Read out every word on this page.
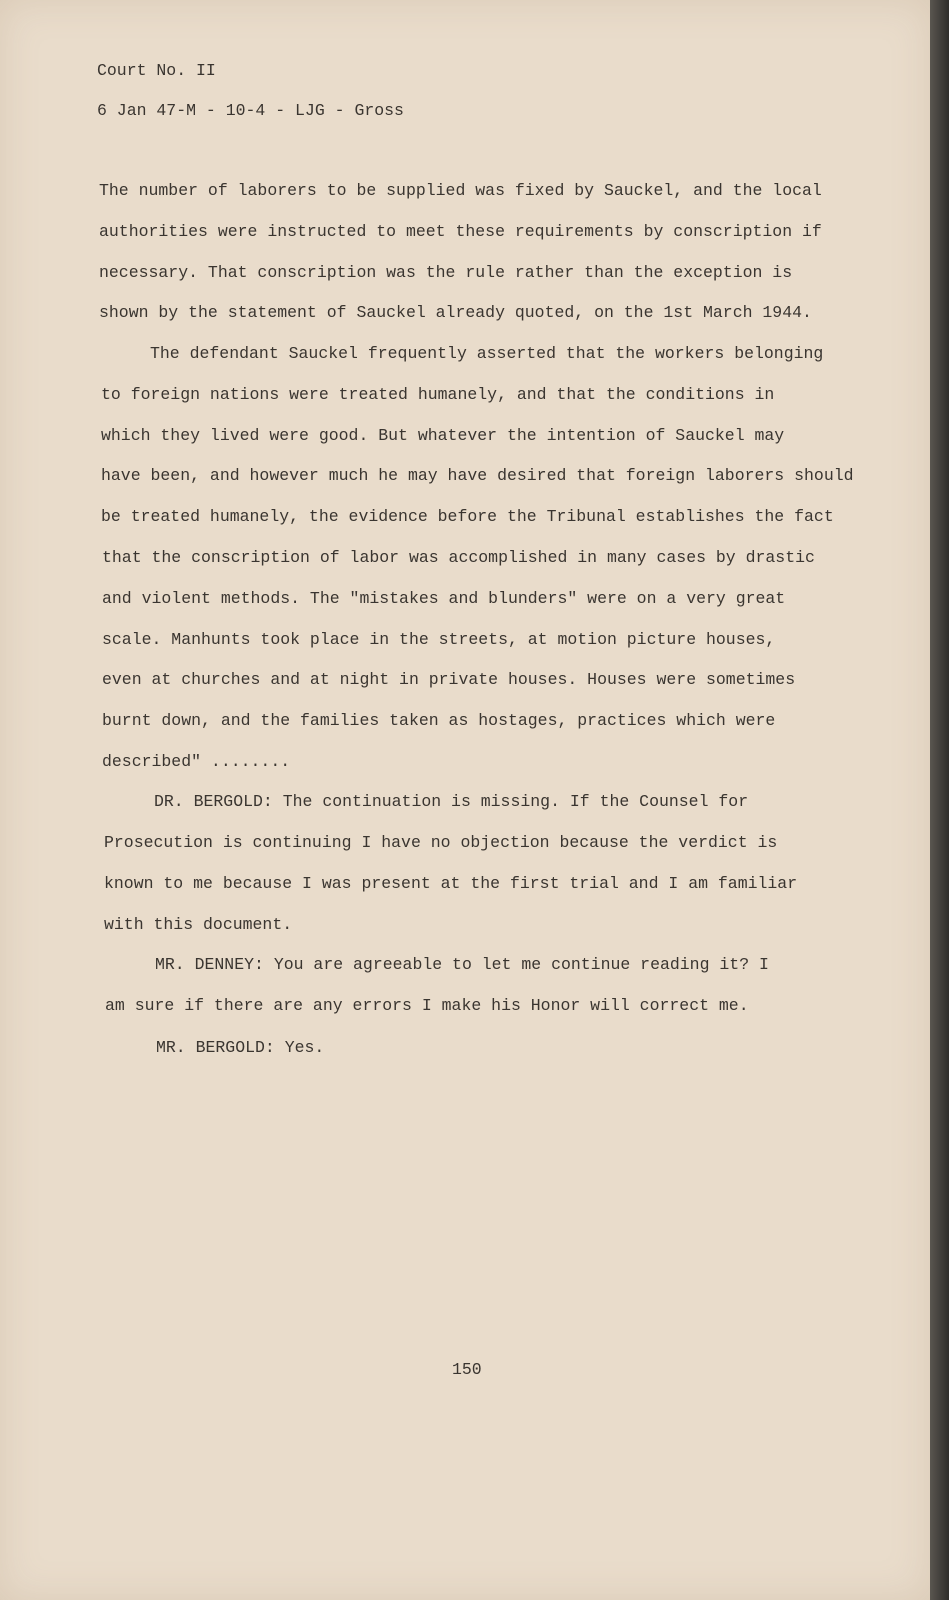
Court No. II
6 Jan 47-M - 10-4 - LJG - Gross
The number of laborers to be supplied was fixed by Sauckel, and the local
authorities were instructed to meet these requirements by conscription if
necessary. That conscription was the rule rather than the exception is
shown by the statement of Sauckel already quoted, on the 1st March 1944.
The defendant Sauckel frequently asserted that the workers belonging
to foreign nations were treated humanely, and that the conditions in
which they lived were good. But whatever the intention of Sauckel may
have been, and however much he may have desired that foreign laborers should
be treated humanely, the evidence before the Tribunal establishes the fact
that the conscription of labor was accomplished in many cases by drastic
and violent methods. The "mistakes and blunders" were on a very great
scale. Manhunts took place in the streets, at motion picture houses,
even at churches and at night in private houses. Houses were sometimes
burnt down, and the families taken as hostages, practices which were
described" ........
DR. BERGOLD: The continuation is missing. If the Counsel for
Prosecution is continuing I have no objection because the verdict is
known to me because I was present at the first trial and I am familiar
with this document.
MR. DENNEY: You are agreeable to let me continue reading it? I
am sure if there are any errors I make his Honor will correct me.
MR. BERGOLD: Yes.
150
